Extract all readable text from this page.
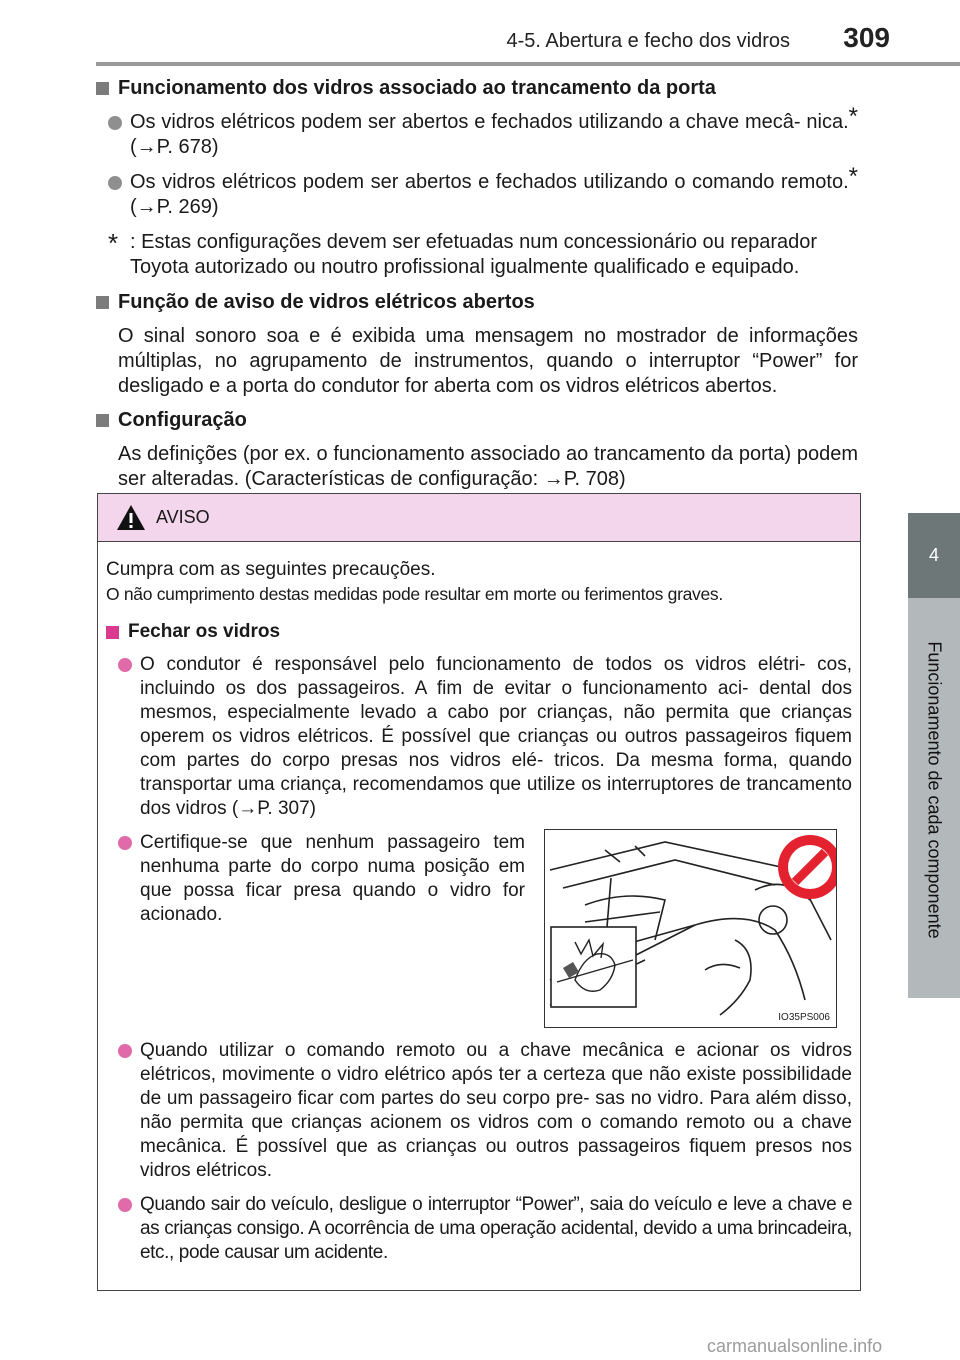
4-5. Abertura e fecho dos vidros	309
4
Funcionamento de cada componente
Funcionamento dos vidros associado ao trancamento da porta
Os vidros elétricos podem ser abertos e fechados utilizando a chave mecâ- nica.* (→P. 678)
Os vidros elétricos podem ser abertos e fechados utilizando o comando remoto.* (→P. 269)
* : Estas configurações devem ser efetuadas num concessionário ou reparador Toyota autorizado ou noutro profissional igualmente qualificado e equipado.
Função de aviso de vidros elétricos abertos
O sinal sonoro soa e é exibida uma mensagem no mostrador de informações múltiplas, no agrupamento de instrumentos, quando o interruptor “Power” for desligado e a porta do condutor for aberta com os vidros elétricos abertos.
Configuração
As definições (por ex. o funcionamento associado ao trancamento da porta) podem ser alteradas. (Características de configuração: →P. 708)
AVISO

Cumpra com as seguintes precauções.

O não cumprimento destas medidas pode resultar em morte ou ferimentos graves.

Fechar os vidros
O condutor é responsável pelo funcionamento de todos os vidros elétri- cos, incluindo os dos passageiros. A fim de evitar o funcionamento aci- dental dos mesmos, especialmente levado a cabo por crianças, não permita que crianças operem os vidros elétricos. É possível que crianças ou outros passageiros fiquem com partes do corpo presas nos vidros elé- tricos. Da mesma forma, quando transportar uma criança, recomendamos que utilize os interruptores de trancamento dos vidros (→P. 307)
Certifique-se que nenhum passageiro tem nenhuma parte do corpo numa posição em que possa ficar presa quando o vidro for acionado.
Quando utilizar o comando remoto ou a chave mecânica e acionar os vidros elétricos, movimente o vidro elétrico após ter a certeza que não existe possibilidade de um passageiro ficar com partes do seu corpo pre- sas no vidro. Para além disso, não permita que crianças acionem os vidros com o comando remoto ou a chave mecânica. É possível que as crianças ou outros passageiros fiquem presos nos vidros elétricos.
Quando sair do veículo, desligue o interruptor “Power”, saia do veículo e leve a chave e as crianças consigo. A ocorrência de uma operação acidental, devido a uma brincadeira, etc., pode causar um acidente.
IO35PS006
carmanualsonline.info
